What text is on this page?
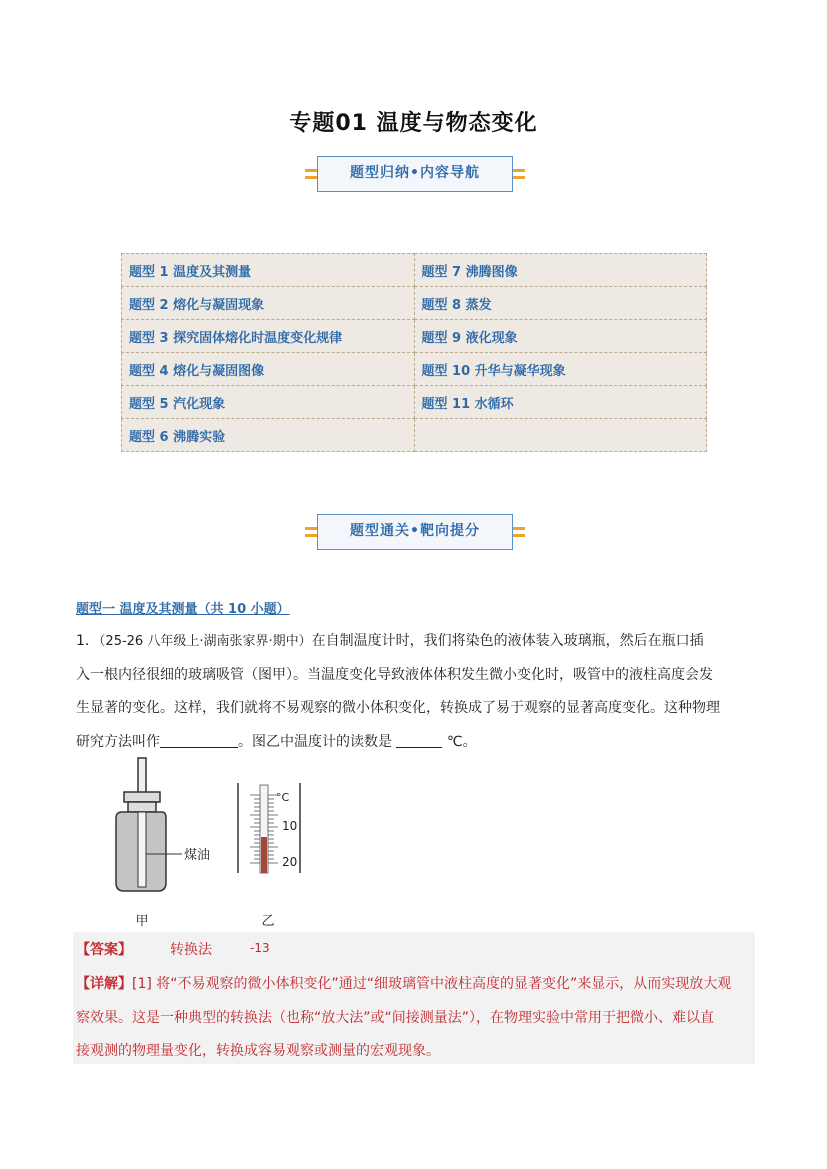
专题01 温度与物态变化
题型归纳•内容导航
题型 1 温度及其测量	题型 7 沸腾图像
题型 2 熔化与凝固现象	题型 8 蒸发
题型 3 探究固体熔化时温度变化规律	题型 9 液化现象
题型 4 熔化与凝固图像	题型 10 升华与凝华现象
题型 5 汽化现象	题型 11 水循环
题型 6 沸腾实验	
题型通关•靶向提分
题型一 温度及其测量（共 10 小题）
1．（25-26 八年级上·湖南张家界·期中）在自制温度计时，我们将染色的液体装入玻璃瓶，然后在瓶口插
入一根内径很细的玻璃吸管（图甲）。当温度变化导致液体体积发生微小变化时，吸管中的液柱高度会发
生显著的变化。这样，我们就将不易观察的微小体积变化，转换成了易于观察的显著高度变化。这种物理
研究方法叫作	。图乙中温度计的读数是	℃。
煤油
甲
°C
10
20
乙
【答案】	转换法	-13
【详解】[1] 将“不易观察的微小体积变化”通过“细玻璃管中液柱高度的显著变化”来显示，从而实现放大观
察效果。这是一种典型的转换法（也称“放大法”或“间接测量法”），在物理实验中常用于把微小、难以直
接观测的物理量变化，转换成容易观察或测量的宏观现象。
